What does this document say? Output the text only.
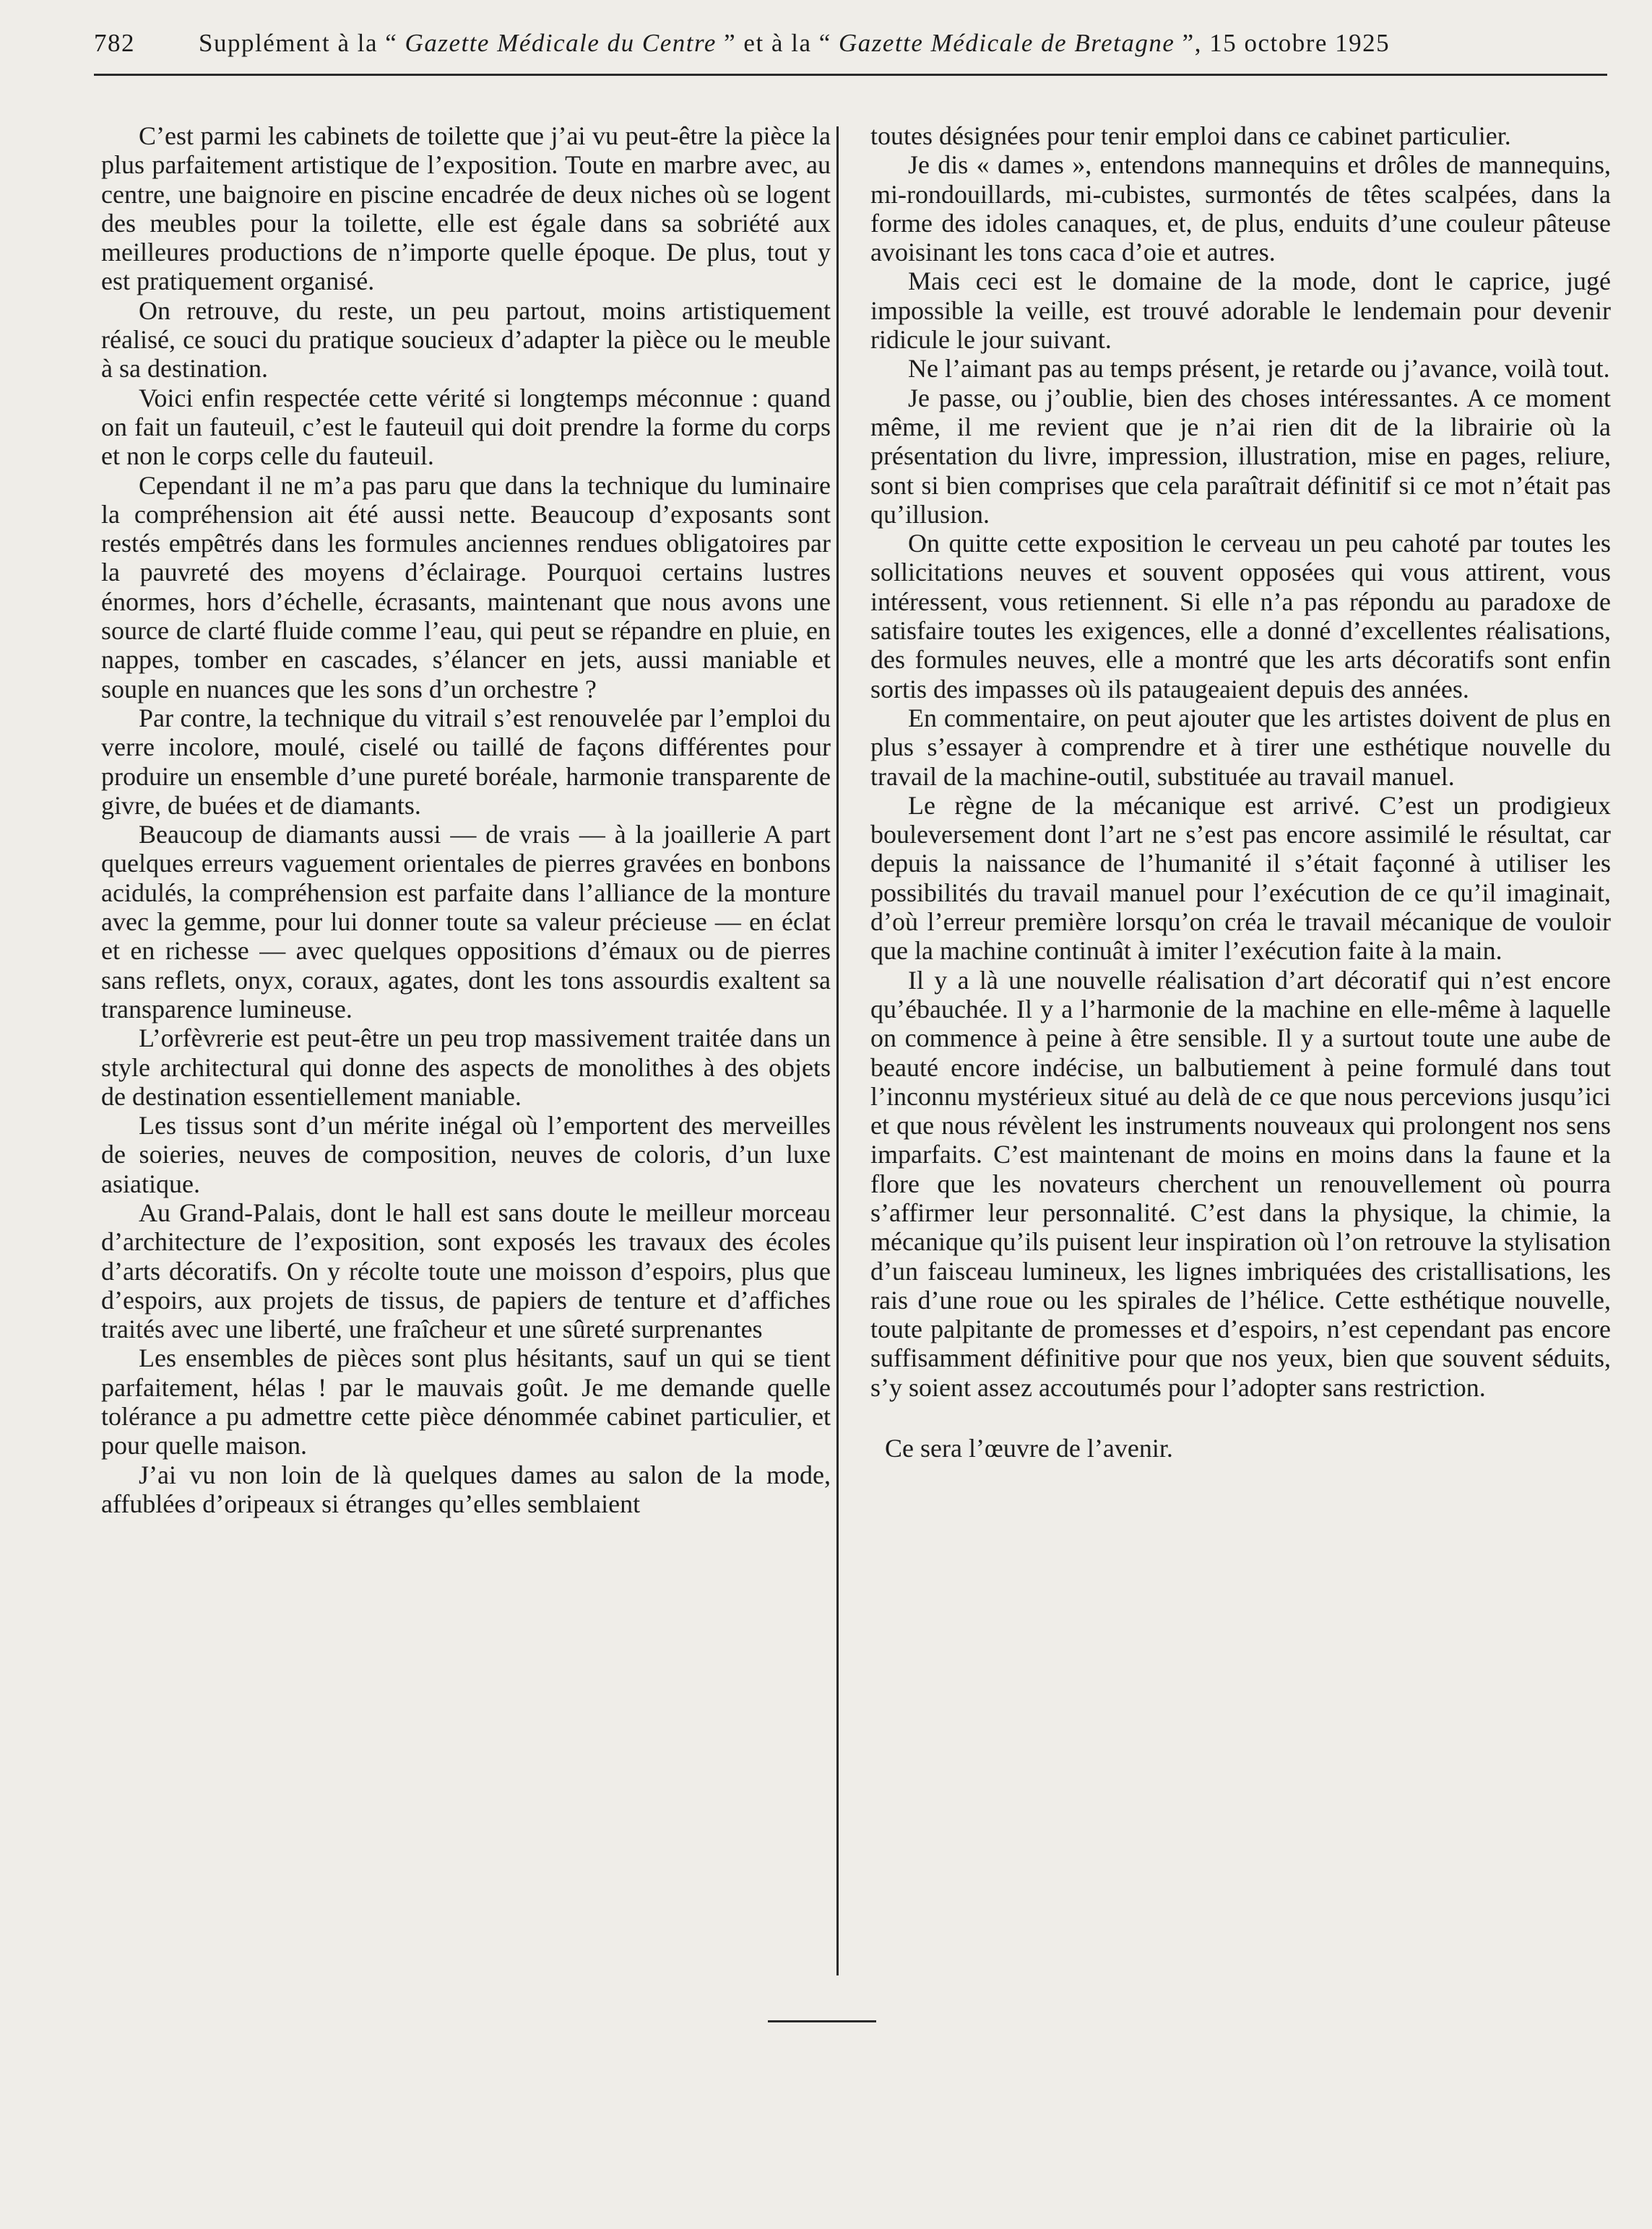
782	Supplément à la “ Gazette Médicale du Centre ” et à la “ Gazette Médicale de Bretagne ”, 15 octobre 1925

C’est parmi les cabinets de toilette que j’ai vu peut-être la pièce la plus parfaitement artistique de l’exposition. Toute en marbre avec, au centre, une baignoire en piscine encadrée de deux niches où se logent des meubles pour la toilette, elle est égale dans sa sobriété aux meilleures productions de n’importe quelle époque. De plus, tout y est pratiquement organisé.

On retrouve, du reste, un peu partout, moins artistiquement réalisé, ce souci du pratique soucieux d’adapter la pièce ou le meuble à sa destination.

Voici enfin respectée cette vérité si longtemps méconnue : quand on fait un fauteuil, c’est le fauteuil qui doit prendre la forme du corps et non le corps celle du fauteuil.

Cependant il ne m’a pas paru que dans la technique du luminaire la compréhension ait été aussi nette. Beaucoup d’exposants sont restés empêtrés dans les formules anciennes rendues obligatoires par la pauvreté des moyens d’éclairage. Pourquoi certains lustres énormes, hors d’échelle, écrasants, maintenant que nous avons une source de clarté fluide comme l’eau, qui peut se répandre en pluie, en nappes, tomber en cascades, s’élancer en jets, aussi maniable et souple en nuances que les sons d’un orchestre ?

Par contre, la technique du vitrail s’est renouvelée par l’emploi du verre incolore, moulé, ciselé ou taillé de façons différentes pour produire un ensemble d’une pureté boréale, harmonie transparente de givre, de buées et de diamants.

Beaucoup de diamants aussi — de vrais — à la joaillerie A part quelques erreurs vaguement orientales de pierres gravées en bonbons acidulés, la compréhension est parfaite dans l’alliance de la monture avec la gemme, pour lui donner toute sa valeur précieuse — en éclat et en richesse — avec quelques oppositions d’émaux ou de pierres sans reflets, onyx, coraux, agates, dont les tons assourdis exaltent sa transparence lumineuse.

L’orfèvrerie est peut-être un peu trop massivement traitée dans un style architectural qui donne des aspects de monolithes à des objets de destination essentiellement maniable.

Les tissus sont d’un mérite inégal où l’emportent des merveilles de soieries, neuves de composition, neuves de coloris, d’un luxe asiatique.

Au Grand-Palais, dont le hall est sans doute le meilleur morceau d’architecture de l’exposition, sont exposés les travaux des écoles d’arts décoratifs. On y récolte toute une moisson d’espoirs, plus que d’espoirs, aux projets de tissus, de papiers de tenture et d’affiches traités avec une liberté, une fraîcheur et une sûreté surprenantes

Les ensembles de pièces sont plus hésitants, sauf un qui se tient parfaitement, hélas ! par le mauvais goût. Je me demande quelle tolérance a pu admettre cette pièce dénommée cabinet particulier, et pour quelle maison.

J’ai vu non loin de là quelques dames au salon de la mode, affublées d’oripeaux si étranges qu’elles semblaient

toutes désignées pour tenir emploi dans ce cabinet particulier.

Je dis « dames », entendons mannequins et drôles de mannequins, mi-rondouillards, mi-cubistes, surmontés de têtes scalpées, dans la forme des idoles canaques, et, de plus, enduits d’une couleur pâteuse avoisinant les tons caca d’oie et autres.

Mais ceci est le domaine de la mode, dont le caprice, jugé impossible la veille, est trouvé adorable le lendemain pour devenir ridicule le jour suivant.

Ne l’aimant pas au temps présent, je retarde ou j’avance, voilà tout.

Je passe, ou j’oublie, bien des choses intéressantes. A ce moment même, il me revient que je n’ai rien dit de la librairie où la présentation du livre, impression, illustration, mise en pages, reliure, sont si bien comprises que cela paraîtrait définitif si ce mot n’était pas qu’illusion.

On quitte cette exposition le cerveau un peu cahoté par toutes les sollicitations neuves et souvent opposées qui vous attirent, vous intéressent, vous retiennent. Si elle n’a pas répondu au paradoxe de satisfaire toutes les exigences, elle a donné d’excellentes réalisations, des formules neuves, elle a montré que les arts décoratifs sont enfin sortis des impasses où ils pataugeaient depuis des années.

En commentaire, on peut ajouter que les artistes doivent de plus en plus s’essayer à comprendre et à tirer une esthétique nouvelle du travail de la machine-outil, substituée au travail manuel.

Le règne de la mécanique est arrivé. C’est un prodigieux bouleversement dont l’art ne s’est pas encore assimilé le résultat, car depuis la naissance de l’humanité il s’était façonné à utiliser les possibilités du travail manuel pour l’exécution de ce qu’il imaginait, d’où l’erreur première lorsqu’on créa le travail mécanique de vouloir que la machine continuât à imiter l’exécution faite à la main.

Il y a là une nouvelle réalisation d’art décoratif qui n’est encore qu’ébauchée. Il y a l’harmonie de la machine en elle-même à laquelle on commence à peine à être sensible. Il y a surtout toute une aube de beauté encore indécise, un balbutiement à peine formulé dans tout l’inconnu mystérieux situé au delà de ce que nous percevions jusqu’ici et que nous révèlent les instruments nouveaux qui prolongent nos sens imparfaits. C’est maintenant de moins en moins dans la faune et la flore que les novateurs cherchent un renouvellement où pourra s’affirmer leur personnalité. C’est dans la physique, la chimie, la mécanique qu’ils puisent leur inspiration où l’on retrouve la stylisation d’un faisceau lumineux, les lignes imbriquées des cristallisations, les rais d’une roue ou les spirales de l’hélice. Cette esthétique nouvelle, toute palpitante de promesses et d’espoirs, n’est cependant pas encore suffisamment définitive pour que nos yeux, bien que souvent séduits, s’y soient assez accoutumés pour l’adopter sans restriction.

Ce sera l’œuvre de l’avenir.
